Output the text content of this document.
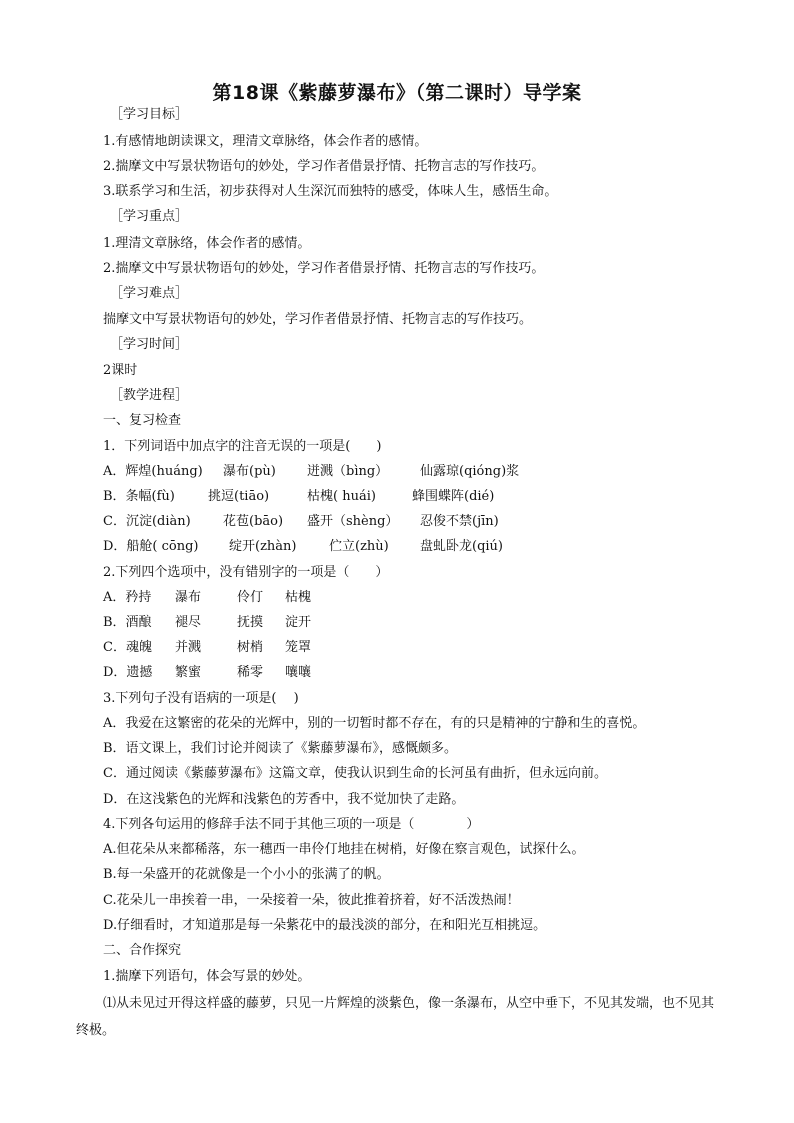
第18课《紫藤萝瀑布》（第二课时）导学案
［学习目标］
1.有感情地朗读课文，理清文章脉络，体会作者的感情。
2.揣摩文中写景状物语句的妙处，学习作者借景抒情、托物言志的写作技巧。
3.联系学习和生活，初步获得对人生深沉而独特的感受，体味人生，感悟生命。
［学习重点］
1.理清文章脉络，体会作者的感情。
2.揣摩文中写景状物语句的妙处，学习作者借景抒情、托物言志的写作技巧。
［学习难点］
揣摩文中写景状物语句的妙处，学习作者借景抒情、托物言志的写作技巧。
［学习时间］
2课时
［教学进程］
一、复习检查
1．下列词语中加点字的注音无误的一项是(　　)
A．辉煌(huáng) 瀑布(pù) 迸溅（bìng） 仙露琼(qióng)浆
B．条幅(fù)	挑逗(tiāo)	枯槐( huái)	蜂围蝶阵(dié)
C．沉淀(diàn) 花苞(bāo) 盛开（shèng） 忍俊不禁(jīn)
D．船舱( cōng) 绽开(zhàn)	伫立(zhù) 盘虬卧龙(qiú)
2.下列四个选项中，没有错别字的一项是（　　）
A．矜持 瀑布	伶仃 枯槐
B．酒酿 褪尽	抚摸 淀开
C．魂魄 并溅	树梢 笼罩
D．遗撼 繁蜜	稀零 嚷嚷
3.下列句子没有语病的一项是(　 )
A．我爱在这繁密的花朵的光辉中，别的一切暂时都不存在，有的只是精神的宁静和生的喜悦。
B．语文课上，我们讨论并阅读了《紫藤萝瀑布》，感慨颇多。
C．通过阅读《紫藤萝瀑布》这篇文章，使我认识到生命的长河虽有曲折，但永远向前。
D．在这浅紫色的光辉和浅紫色的芳香中，我不觉加快了走路。
4.下列各句运用的修辞手法不同于其他三项的一项是（　　　　）
A.但花朵从来都稀落，东一穗西一串伶仃地挂在树梢，好像在察言观色，试探什么。
B.每一朵盛开的花就像是一个小小的张满了的帆。
C.花朵儿一串挨着一串，一朵接着一朵，彼此推着挤着，好不活泼热闹！
D.仔细看时，才知道那是每一朵紫花中的最浅淡的部分，在和阳光互相挑逗。
二、合作探究
1.揣摩下列语句，体会写景的妙处。
⑴从未见过开得这样盛的藤萝，只见一片辉煌的淡紫色，像一条瀑布，从空中垂下，不见其发端，也不见其终极。
